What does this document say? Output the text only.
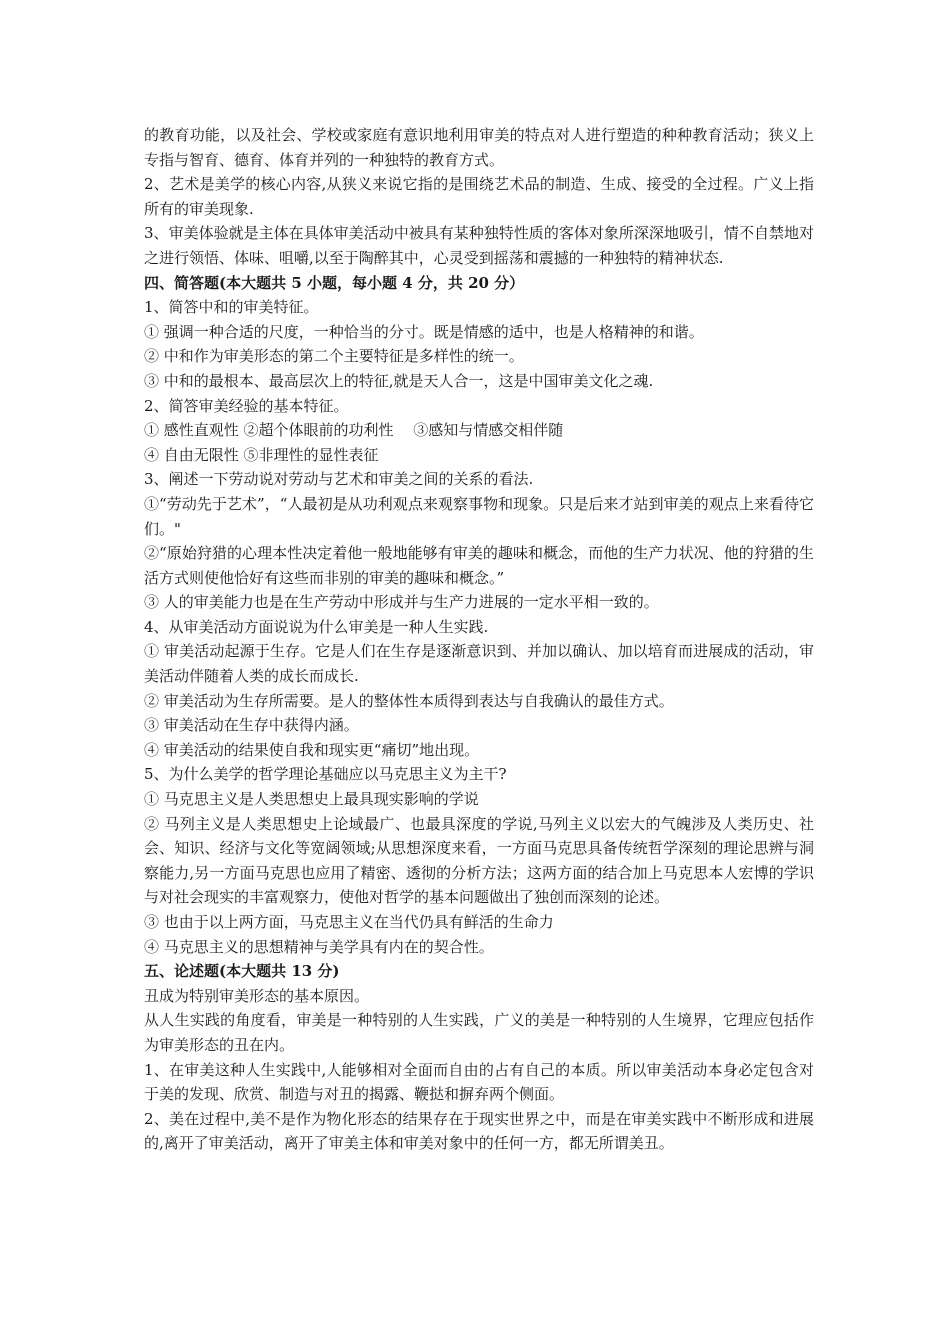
的教育功能，以及社会、学校或家庭有意识地利用审美的特点对人进行塑造的种种教育活动；狭义上专指与智育、德育、体育并列的一种独特的教育方式。

2、艺术是美学的核心内容,从狭义来说它指的是围绕艺术品的制造、生成、接受的全过程。广义上指所有的审美现象.

3、审美体验就是主体在具体审美活动中被具有某种独特性质的客体对象所深深地吸引，情不自禁地对之进行领悟、体味、咀嚼,以至于陶醉其中，心灵受到摇荡和震撼的一种独特的精神状态.

四、简答题(本大题共 5 小题，每小题 4 分，共 20 分）

1、简答中和的审美特征。

① 强调一种合适的尺度，一种恰当的分寸。既是情感的适中，也是人格精神的和谐。

② 中和作为审美形态的第二个主要特征是多样性的统一。

③ 中和的最根本、最高层次上的特征,就是天人合一，这是中国审美文化之魂.

2、简答审美经验的基本特征。

① 感性直观性 ②超个体眼前的功利性　 ③感知与情感交相伴随

④ 自由无限性 ⑤非理性的显性表征

3、阐述一下劳动说对劳动与艺术和审美之间的关系的看法.

①“劳动先于艺术”，“人最初是从功利观点来观察事物和现象。只是后来才站到审美的观点上来看待它们。"

②“原始狩猎的心理本性决定着他一般地能够有审美的趣味和概念，而他的生产力状况、他的狩猎的生活方式则使他恰好有这些而非别的审美的趣味和概念。”

③ 人的审美能力也是在生产劳动中形成并与生产力进展的一定水平相一致的。

4、从审美活动方面说说为什么审美是一种人生实践.

① 审美活动起源于生存。它是人们在生存是逐渐意识到、并加以确认、加以培育而进展成的活动，审美活动伴随着人类的成长而成长.

② 审美活动为生存所需要。是人的整体性本质得到表达与自我确认的最佳方式。

③ 审美活动在生存中获得内涵。

④ 审美活动的结果使自我和现实更“痛切”地出现。

5、为什么美学的哲学理论基础应以马克思主义为主干?

① 马克思主义是人类思想史上最具现实影响的学说

② 马列主义是人类思想史上论域最广、也最具深度的学说,马列主义以宏大的气魄涉及人类历史、社会、知识、经济与文化等宽阔领域;从思想深度来看，一方面马克思具备传统哲学深刻的理论思辨与洞察能力,另一方面马克思也应用了精密、透彻的分析方法；这两方面的结合加上马克思本人宏博的学识与对社会现实的丰富观察力，使他对哲学的基本问题做出了独创而深刻的论述。

③ 也由于以上两方面，马克思主义在当代仍具有鲜活的生命力

④ 马克思主义的思想精神与美学具有内在的契合性。

五、论述题(本大题共 13 分)

丑成为特别审美形态的基本原因。

从人生实践的角度看，审美是一种特别的人生实践，广义的美是一种特别的人生境界，它理应包括作为审美形态的丑在内。

1、在审美这种人生实践中,人能够相对全面而自由的占有自己的本质。所以审美活动本身必定包含对于美的发现、欣赏、制造与对丑的揭露、鞭挞和摒弃两个侧面。

2、美在过程中,美不是作为物化形态的结果存在于现实世界之中，而是在审美实践中不断形成和进展的,离开了审美活动，离开了审美主体和审美对象中的任何一方，都无所谓美丑。
